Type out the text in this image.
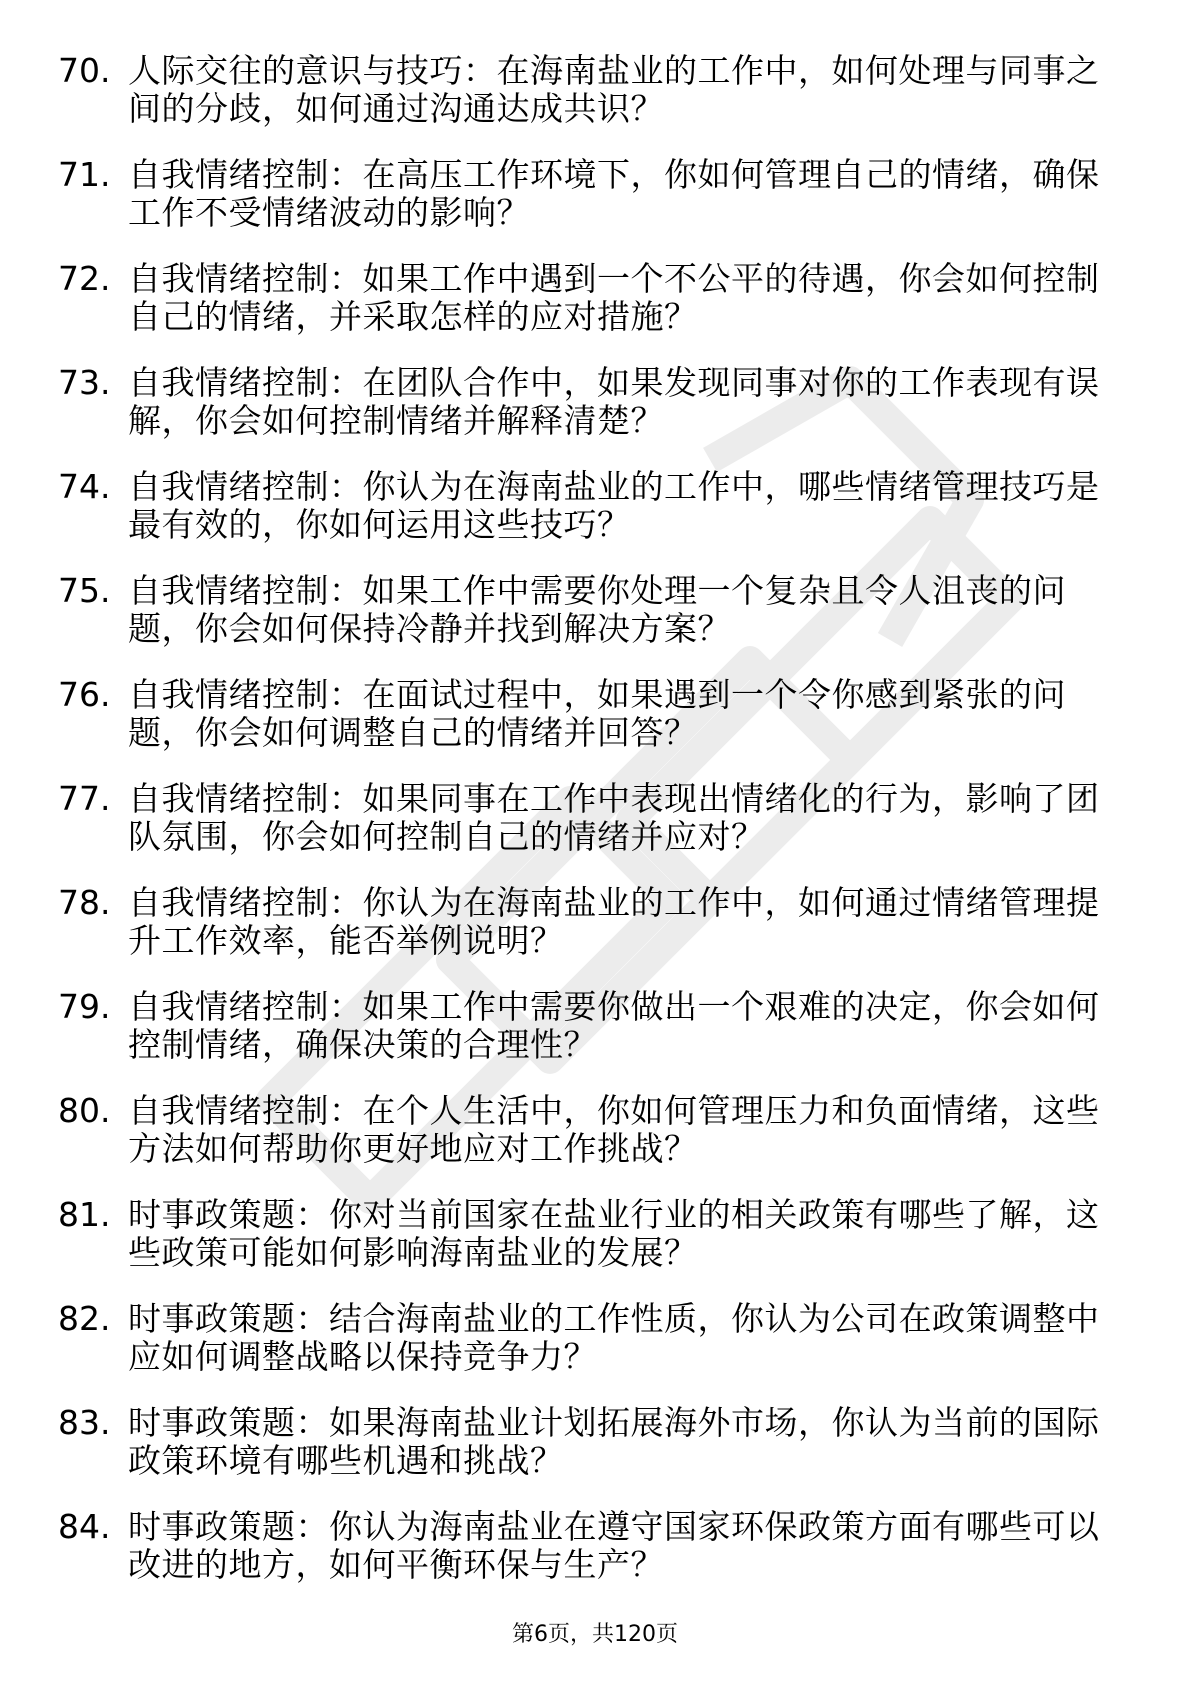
70. 人际交往的意识与技巧：在海南盐业的工作中，如何处理与同事之间的分歧，如何通过沟通达成共识？
71. 自我情绪控制：在高压工作环境下，你如何管理自己的情绪，确保工作不受情绪波动的影响？
72. 自我情绪控制：如果工作中遇到一个不公平的待遇，你会如何控制自己的情绪，并采取怎样的应对措施？
73. 自我情绪控制：在团队合作中，如果发现同事对你的工作表现有误解，你会如何控制情绪并解释清楚？
74. 自我情绪控制：你认为在海南盐业的工作中，哪些情绪管理技巧是最有效的，你如何运用这些技巧？
75. 自我情绪控制：如果工作中需要你处理一个复杂且令人沮丧的问题，你会如何保持冷静并找到解决方案？
76. 自我情绪控制：在面试过程中，如果遇到一个令你感到紧张的问题，你会如何调整自己的情绪并回答？
77. 自我情绪控制：如果同事在工作中表现出情绪化的行为，影响了团队氛围，你会如何控制自己的情绪并应对？
78. 自我情绪控制：你认为在海南盐业的工作中，如何通过情绪管理提升工作效率，能否举例说明？
79. 自我情绪控制：如果工作中需要你做出一个艰难的决定，你会如何控制情绪，确保决策的合理性？
80. 自我情绪控制：在个人生活中，你如何管理压力和负面情绪，这些方法如何帮助你更好地应对工作挑战？
81. 时事政策题：你对当前国家在盐业行业的相关政策有哪些了解，这些政策可能如何影响海南盐业的发展？
82. 时事政策题：结合海南盐业的工作性质，你认为公司在政策调整中应如何调整战略以保持竞争力？
83. 时事政策题：如果海南盐业计划拓展海外市场，你认为当前的国际政策环境有哪些机遇和挑战？
84. 时事政策题：你认为海南盐业在遵守国家环保政策方面有哪些可以改进的地方，如何平衡环保与生产？
第6页，共120页
